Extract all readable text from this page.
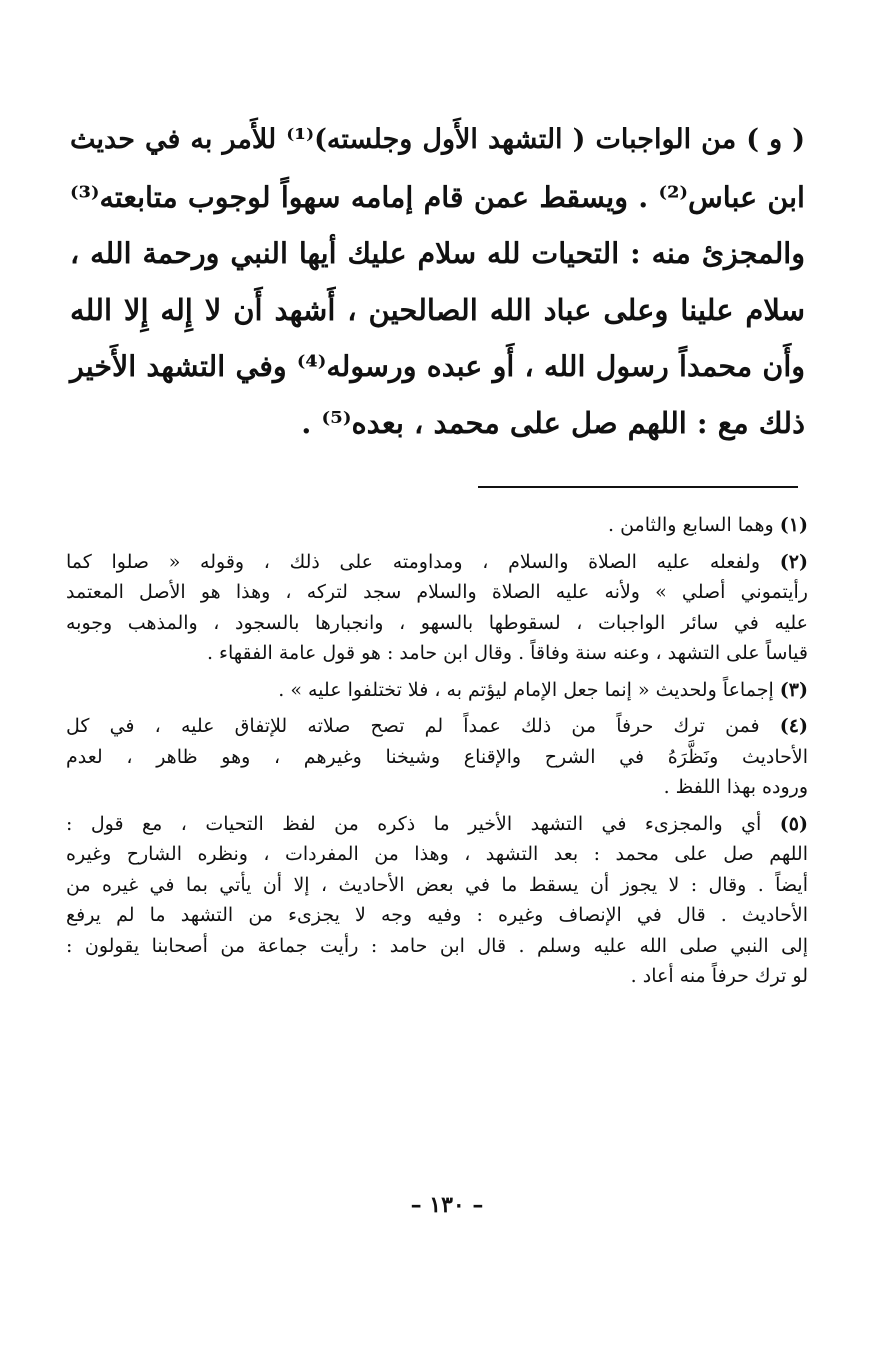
( و ) من الواجبات ( التشهد الأَول وجلسته)⁽¹⁾ للأَمر به في حديث
ابن عباس⁽²⁾ . ويسقط عمن قام إمامه سهواً لوجوب متابعته⁽³⁾
والمجزئ منه : التحيات لله سلام عليك أيها النبي ورحمة الله ،
سلام علينا وعلى عباد الله الصالحين ، أَشهد أَن لا إِله إِلا الله
وأَن محمداً رسول الله ، أَو عبده ورسوله⁽⁴⁾ وفي التشهد الأَخير
ذلك مع : اللهم صل على محمد ، بعده⁽⁵⁾ .
(١) وهما السابع والثامن .
(٢) ولفعله عليه الصلاة والسلام ، ومداومته على ذلك ، وقوله « صلوا كما
رأيتموني أصلي » ولأنه عليه الصلاة والسلام سجد لتركه ، وهذا هو الأصل المعتمد
عليه في سائر الواجبات ، لسقوطها بالسهو ، وانجبارها بالسجود ، والمذهب وجوبه
قياساً على التشهد ، وعنه سنة وفاقاً . وقال ابن حامد : هو قول عامة الفقهاء .
(٣) إجماعاً ولحديث « إنما جعل الإمام ليؤتم به ، فلا تختلفوا عليه » .
(٤) فمن ترك حرفاً من ذلك عمداً لم تصح صلاته للإتفاق عليه ، في كل
الأحاديث ونَظَّرَهُ في الشرح والإقناع وشيخنا وغيرهم ، وهو ظاهر ، لعدم
وروده بهذا اللفظ .
(٥) أي والمجزىء في التشهد الأخير ما ذكره من لفظ التحيات ، مع قول :
اللهم صل على محمد : بعد التشهد ، وهذا من المفردات ، ونظره الشارح وغيره
أيضاً . وقال : لا يجوز أن يسقط ما في بعض الأحاديث ، إلا أن يأتي بما في غيره من
الأحاديث . قال في الإنصاف وغيره : وفيه وجه لا يجزىء من التشهد ما لم يرفع
إلى النبي صلى الله عليه وسلم . قال ابن حامد : رأيت جماعة من أصحابنا يقولون :
لو ترك حرفاً منه أعاد .
– ١٣٠ –
